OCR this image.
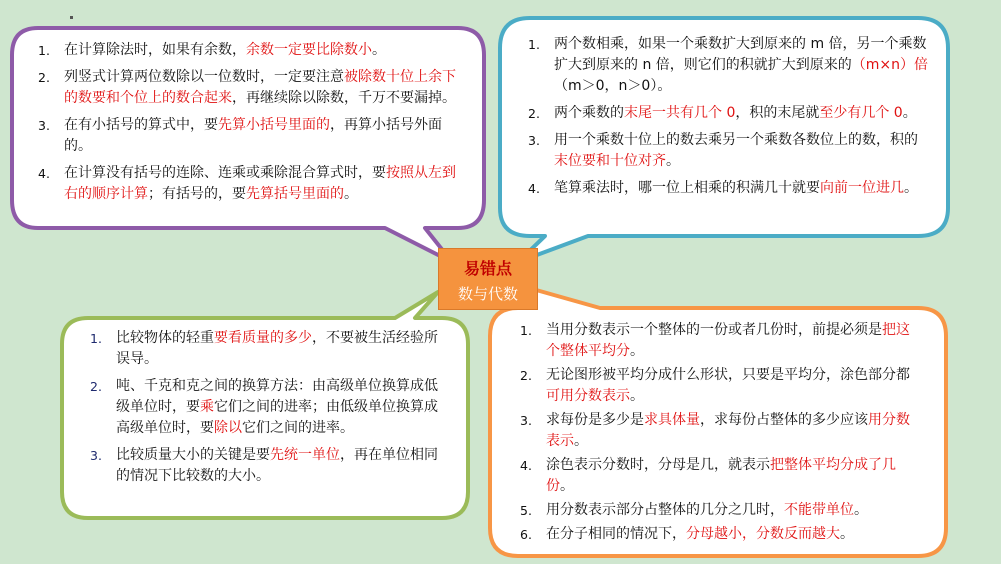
1.	在计算除法时，如果有余数，余数一定要比除数小。
2.	列竖式计算两位数除以一位数时，一定要注意被除数十位上余下的数要和个位上的数合起来，再继续除以除数，千万不要漏掉。
3.	在有小括号的算式中，要先算小括号里面的，再算小括号外面的。
4.	在计算没有括号的连除、连乘或乘除混合算式时，要按照从左到右的顺序计算；有括号的，要先算括号里面的。
1.	两个数相乘，如果一个乘数扩大到原来的 m 倍，另一个乘数扩大到原来的 n 倍，则它们的积就扩大到原来的（m×n）倍（m＞0，n＞0）。
2.	两个乘数的末尾一共有几个 0，积的末尾就至少有几个 0。
3.	用一个乘数十位上的数去乘另一个乘数各数位上的数，积的末位要和十位对齐。
4.	笔算乘法时，哪一位上相乘的积满几十就要向前一位进几。
1.	比较物体的轻重要看质量的多少，不要被生活经验所误导。
2.	吨、千克和克之间的换算方法：由高级单位换算成低级单位时，要乘它们之间的进率；由低级单位换算成高级单位时，要除以它们之间的进率。
3.	比较质量大小的关键是要先统一单位，再在单位相同的情况下比较数的大小。
1.	当用分数表示一个整体的一份或者几份时，前提必须是把这个整体平均分。
2.	无论图形被平均分成什么形状，只要是平均分，涂色部分都可用分数表示。
3.	求每份是多少是求具体量，求每份占整体的多少应该用分数表示。
4.	涂色表示分数时，分母是几，就表示把整体平均分成了几份。
5.	用分数表示部分占整体的几分之几时，不能带单位。
6.	在分子相同的情况下，分母越小，分数反而越大。
易错点
数与代数
